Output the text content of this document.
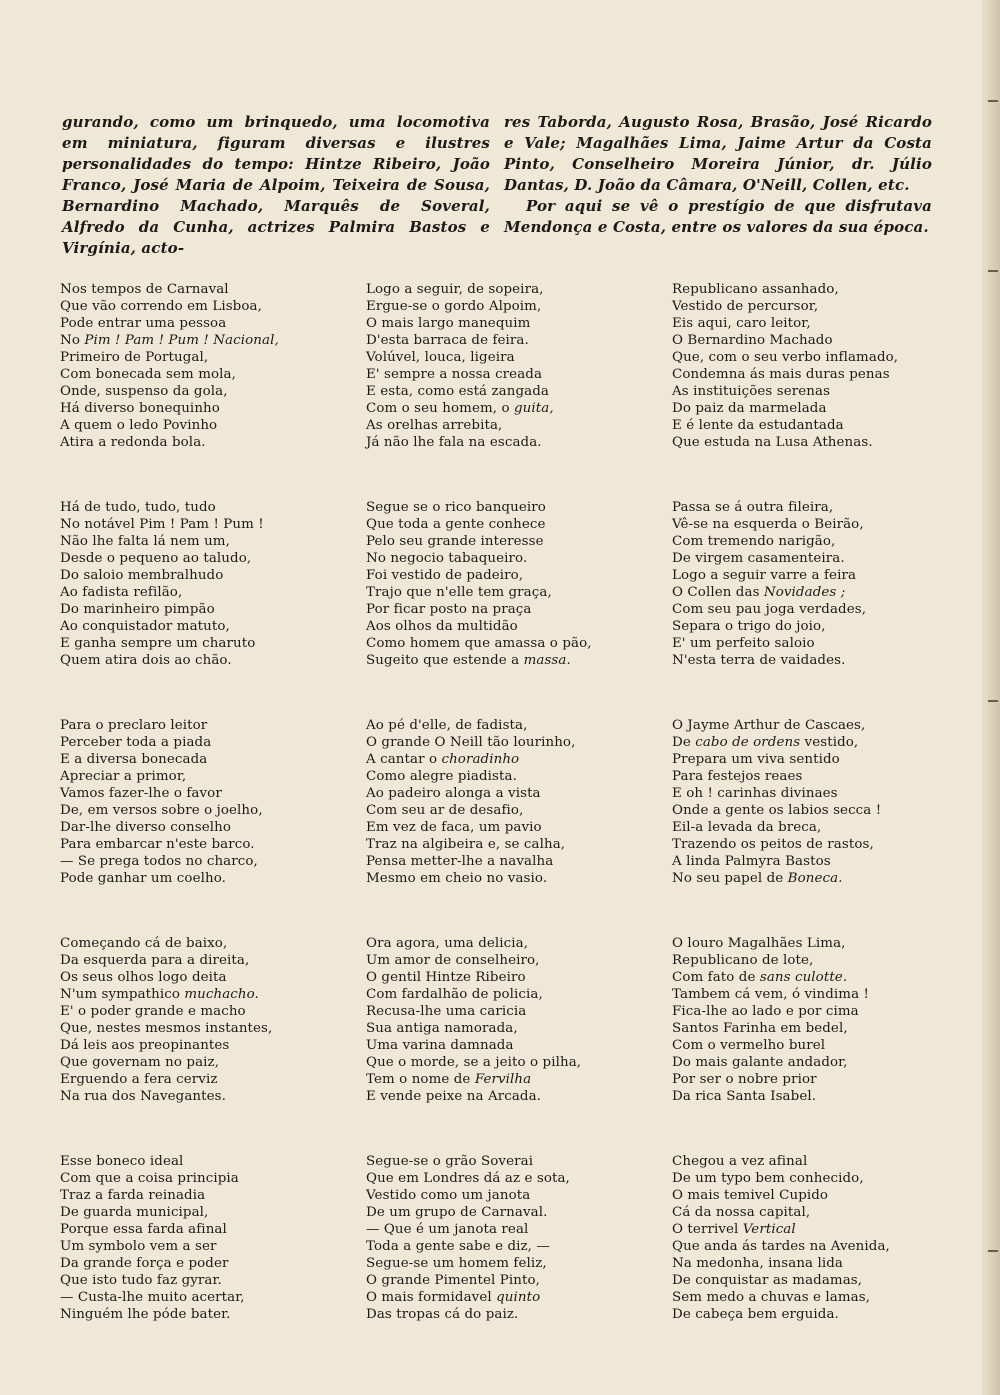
gurando, como um brinquedo, uma locomotiva em miniatura, figuram diversas e ilustres personalidades do tempo: Hintze Ribeiro, João Franco, José Maria de Alpoim, Teixeira de Sousa, Bernardino Machado, Marquês de Soveral, Alfredo da Cunha, actrizes Palmira Bastos e Virgínia, acto-

res Taborda, Augusto Rosa, Brasão, José Ricardo e Vale; Magalhães Lima, Jaime Artur da Costa Pinto, Conselheiro Moreira Júnior, dr. Júlio Dantas, D. João da Câmara, O'Neill, Collen, etc.

Por aqui se vê o prestígio de que disfrutava Mendonça e Costa, entre os valores da sua época.

Nos tempos de Carnaval
Que vão correndo em Lisboa,
Pode entrar uma pessoa
No Pim ! Pam ! Pum ! Nacional,
Primeiro de Portugal,
Com bonecada sem mola,
Onde, suspenso da gola,
Há diverso bonequinho
A quem o ledo Povinho
Atira a redonda bola.
Logo a seguir, de sopeira,
Ergue-se o gordo Alpoim,
O mais largo manequim
D'esta barraca de feira.
Volúvel, louca, ligeira
E' sempre a nossa creada
E esta, como está zangada
Com o seu homem, o guita,
As orelhas arrebita,
Já não lhe fala na escada.
Republicano assanhado,
Vestido de percursor,
Eis aqui, caro leitor,
O Bernardino Machado
Que, com o seu verbo inflamado,
Condemna ás mais duras penas
As instituições serenas
Do paiz da marmelada
E é lente da estudantada
Que estuda na Lusa Athenas.
Há de tudo, tudo, tudo
No notável Pim ! Pam ! Pum !
Não lhe falta lá nem um,
Desde o pequeno ao taludo,
Do saloio membralhudo
Ao fadista refilão,
Do marinheiro pimpão
Ao conquistador matuto,
E ganha sempre um charuto
Quem atira dois ao chão.
Segue se o rico banqueiro
Que toda a gente conhece
Pelo seu grande interesse
No negocio tabaqueiro.
Foi vestido de padeiro,
Trajo que n'elle tem graça,
Por ficar posto na praça
Aos olhos da multidão
Como homem que amassa o pão,
Sugeito que estende a massa.
Passa se á outra fileira,
Vê-se na esquerda o Beirão,
Com tremendo narigão,
De virgem casamenteira.
Logo a seguir varre a feira
O Collen das Novidades ;
Com seu pau joga verdades,
Separa o trigo do joio,
E' um perfeito saloio
N'esta terra de vaidades.
Para o preclaro leitor
Perceber toda a piada
E a diversa bonecada
Apreciar a primor,
Vamos fazer-lhe o favor
De, em versos sobre o joelho,
Dar-lhe diverso conselho
Para embarcar n'este barco.
— Se prega todos no charco,
Pode ganhar um coelho.
Ao pé d'elle, de fadista,
O grande O Neill tão lourinho,
A cantar o choradinho
Como alegre piadista.
Ao padeiro alonga a vista
Com seu ar de desafio,
Em vez de faca, um pavio
Traz na algibeira e, se calha,
Pensa metter-lhe a navalha
Mesmo em cheio no vasio.
O Jayme Arthur de Cascaes,
De cabo de ordens vestido,
Prepara um viva sentido
Para festejos reaes
E oh ! carinhas divinaes
Onde a gente os labios secca !
Eil-a levada da breca,
Trazendo os peitos de rastos,
A linda Palmyra Bastos
No seu papel de Boneca.
Começando cá de baixo,
Da esquerda para a direita,
Os seus olhos logo deita
N'um sympathico muchacho.
E' o poder grande e macho
Que, nestes mesmos instantes,
Dá leis aos preopinantes
Que governam no paiz,
Erguendo a fera cerviz
Na rua dos Navegantes.
Ora agora, uma delicia,
Um amor de conselheiro,
O gentil Hintze Ribeiro
Com fardalhão de policia,
Recusa-lhe uma caricia
Sua antiga namorada,
Uma varina damnada
Que o morde, se a jeito o pilha,
Tem o nome de Fervilha
E vende peixe na Arcada.
O louro Magalhães Lima,
Republicano de lote,
Com fato de sans culotte.
Tambem cá vem, ó vindima !
Fica-lhe ao lado e por cima
Santos Farinha em bedel,
Com o vermelho burel
Do mais galante andador,
Por ser o nobre prior
Da rica Santa Isabel.
Esse boneco ideal
Com que a coisa principia
Traz a farda reinadia
De guarda municipal,
Porque essa farda afinal
Um symbolo vem a ser
Da grande força e poder
Que isto tudo faz gyrar.
— Custa-lhe muito acertar,
Ninguém lhe póde bater.
Segue-se o grão Soverai
Que em Londres dá az e sota,
Vestido como um janota
De um grupo de Carnaval.
— Que é um janota real
Toda a gente sabe e diz, —
Segue-se um homem feliz,
O grande Pimentel Pinto,
O mais formidavel quinto
Das tropas cá do paiz.
Chegou a vez afinal
De um typo bem conhecido,
O mais temivel Cupido
Cá da nossa capital,
O terrivel Vertical
Que anda ás tardes na Avenida,
Na medonha, insana lida
De conquistar as madamas,
Sem medo a chuvas e lamas,
De cabeça bem erguida.
